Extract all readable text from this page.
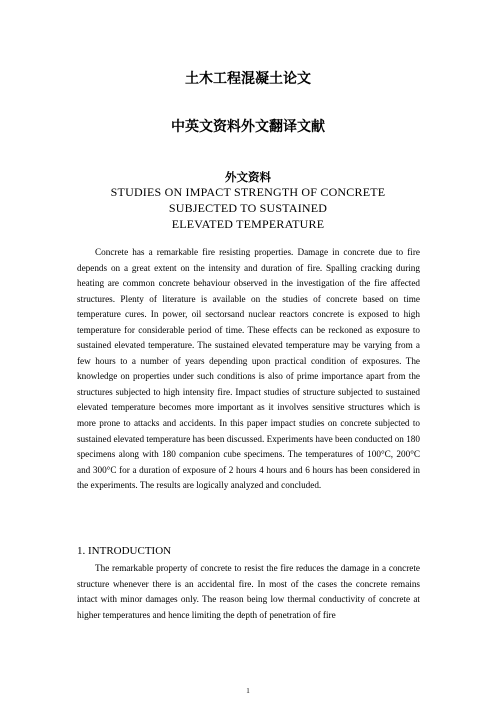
土木工程混凝土论文
中英文资料外文翻译文献
外文资料
STUDIES ON IMPACT STRENGTH OF CONCRETE
SUBJECTED TO SUSTAINED
ELEVATED TEMPERATURE

Concrete has a remarkable fire resisting properties. Damage in concrete due to fire depends on a great extent on the intensity and duration of fire. Spalling cracking during heating are common concrete behaviour observed in the investigation of the fire affected structures. Plenty of literature is available on the studies of concrete based on time temperature cures. In power, oil sectorsand nuclear reactors concrete is exposed to high temperature for considerable period of time. These effects can be reckoned as exposure to sustained elevated temperature. The sustained elevated temperature may be varying from a few hours to a number of years depending upon practical condition of exposures. The knowledge on properties under such conditions is also of prime importance apart from the structures subjected to high intensity fire. Impact studies of structure subjected to sustained elevated temperature becomes more important as it involves sensitive structures which is more prone to attacks and accidents. In this paper impact studies on concrete subjected to sustained elevated temperature has been discussed. Experiments have been conducted on 180 specimens along with 180 companion cube specimens. The temperatures of 100°C, 200°C and 300°C for a duration of exposure of 2 hours 4 hours and 6 hours has been considered in the experiments. The results are logically analyzed and concluded.

1. INTRODUCTION

The remarkable property of concrete to resist the fire reduces the damage in a concrete structure whenever there is an accidental fire. In most of the cases the concrete remains intact with minor damages only. The reason being low thermal conductivity of concrete at higher temperatures and hence limiting the depth of penetration of fire

1
